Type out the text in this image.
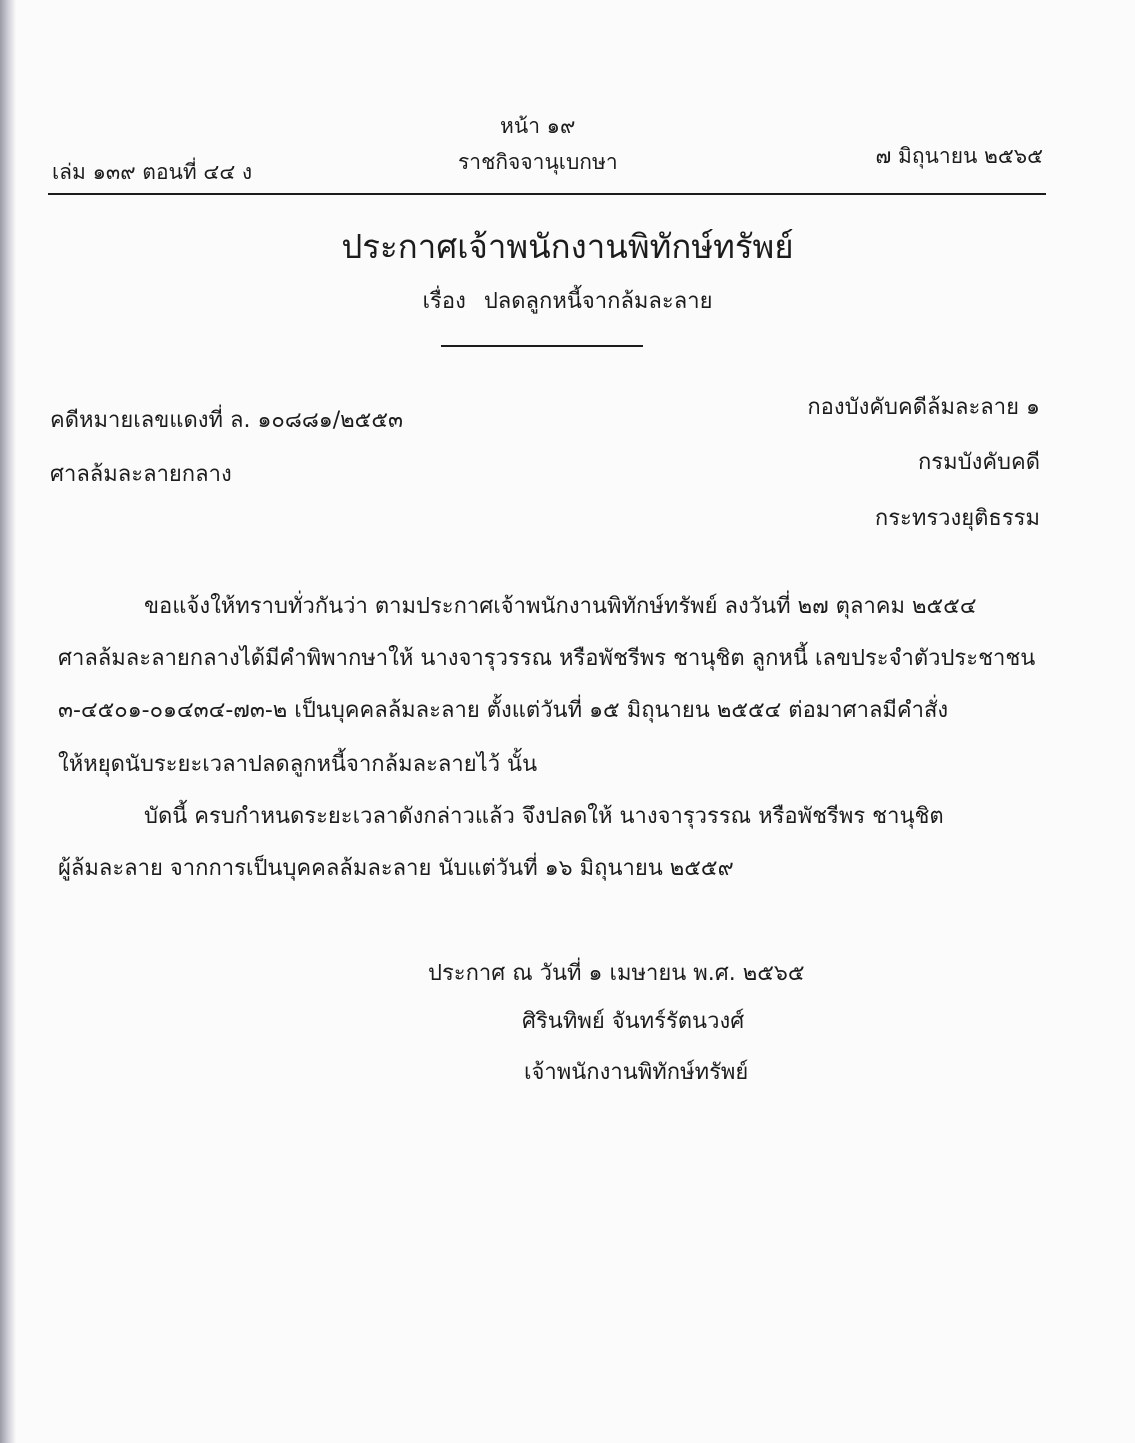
หน้า ๑๙
เล่ม ๑๓๙ ตอนที่ ๔๔ ง	ราชกิจจานุเบกษา	๗ มิถุนายน ๒๕๖๕
ประกาศเจ้าพนักงานพิทักษ์ทรัพย์
เรื่อง ปลดลูกหนี้จากล้มละลาย
คดีหมายเลขแดงที่ ล. ๑๐๘๘๑/๒๕๕๓
ศาลล้มละลายกลาง
กองบังคับคดีล้มละลาย ๑
กรมบังคับคดี
กระทรวงยุติธรรม
ขอแจ้งให้ทราบทั่วกันว่า ตามประกาศเจ้าพนักงานพิทักษ์ทรัพย์ ลงวันที่ ๒๗ ตุลาคม ๒๕๕๔
ศาลล้มละลายกลางได้มีคำพิพากษาให้ นางจารุวรรณ หรือพัชรีพร ชานุชิต ลูกหนี้ เลขประจำตัวประชาชน
๓-๔๕๐๑-๐๑๔๓๔-๗๓-๒ เป็นบุคคลล้มละลาย ตั้งแต่วันที่ ๑๕ มิถุนายน ๒๕๕๔ ต่อมาศาลมีคำสั่ง
ให้หยุดนับระยะเวลาปลดลูกหนี้จากล้มละลายไว้ นั้น
บัดนี้ ครบกำหนดระยะเวลาดังกล่าวแล้ว จึงปลดให้ นางจารุวรรณ หรือพัชรีพร ชานุชิต
ผู้ล้มละลาย จากการเป็นบุคคลล้มละลาย นับแต่วันที่ ๑๖ มิถุนายน ๒๕๕๙
ประกาศ ณ วันที่ ๑ เมษายน พ.ศ. ๒๕๖๕
ศิรินทิพย์ จันทร์รัตนวงศ์
เจ้าพนักงานพิทักษ์ทรัพย์
